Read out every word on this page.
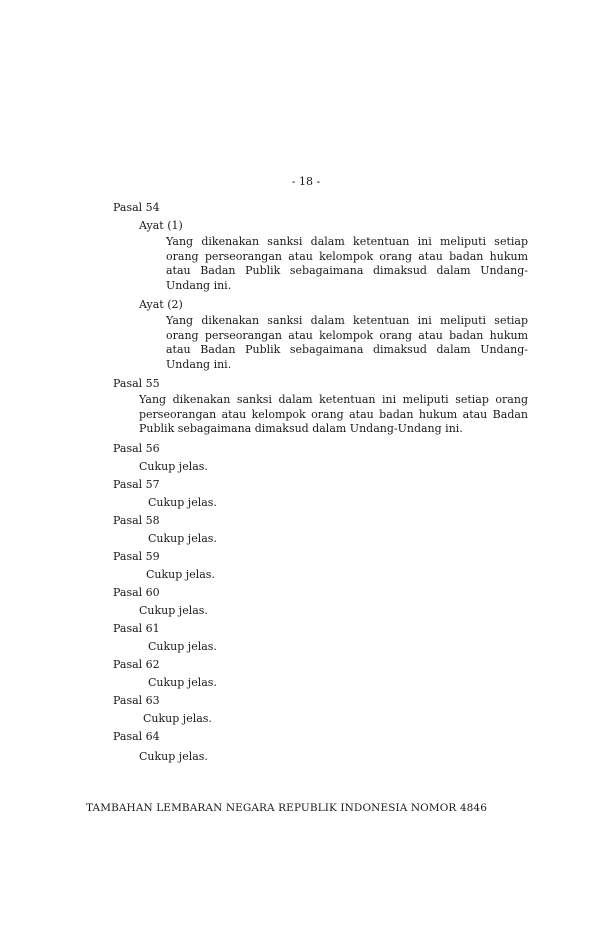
- 18 -
Pasal 54
Ayat (1)
Yang dikenakan sanksi dalam ketentuan ini meliputi setiap orang perseorangan atau kelompok orang atau badan hukum atau Badan Publik sebagaimana dimaksud dalam Undang-Undang ini.
Ayat (2)
Yang dikenakan sanksi dalam ketentuan ini meliputi setiap orang perseorangan atau kelompok orang atau badan hukum atau Badan Publik sebagaimana dimaksud dalam Undang-Undang ini.
Pasal 55
Yang dikenakan sanksi dalam ketentuan ini meliputi setiap orang perseorangan atau kelompok orang atau badan hukum atau Badan Publik sebagaimana dimaksud dalam Undang-Undang ini.
Pasal 56
Cukup jelas.
Pasal 57
Cukup jelas.
Pasal 58
Cukup jelas.
Pasal 59
Cukup jelas.
Pasal 60
Cukup jelas.
Pasal 61
Cukup jelas.
Pasal 62
Cukup jelas.
Pasal 63
Cukup jelas.
Pasal 64
Cukup jelas.
TAMBAHAN LEMBARAN NEGARA REPUBLIK INDONESIA NOMOR 4846
